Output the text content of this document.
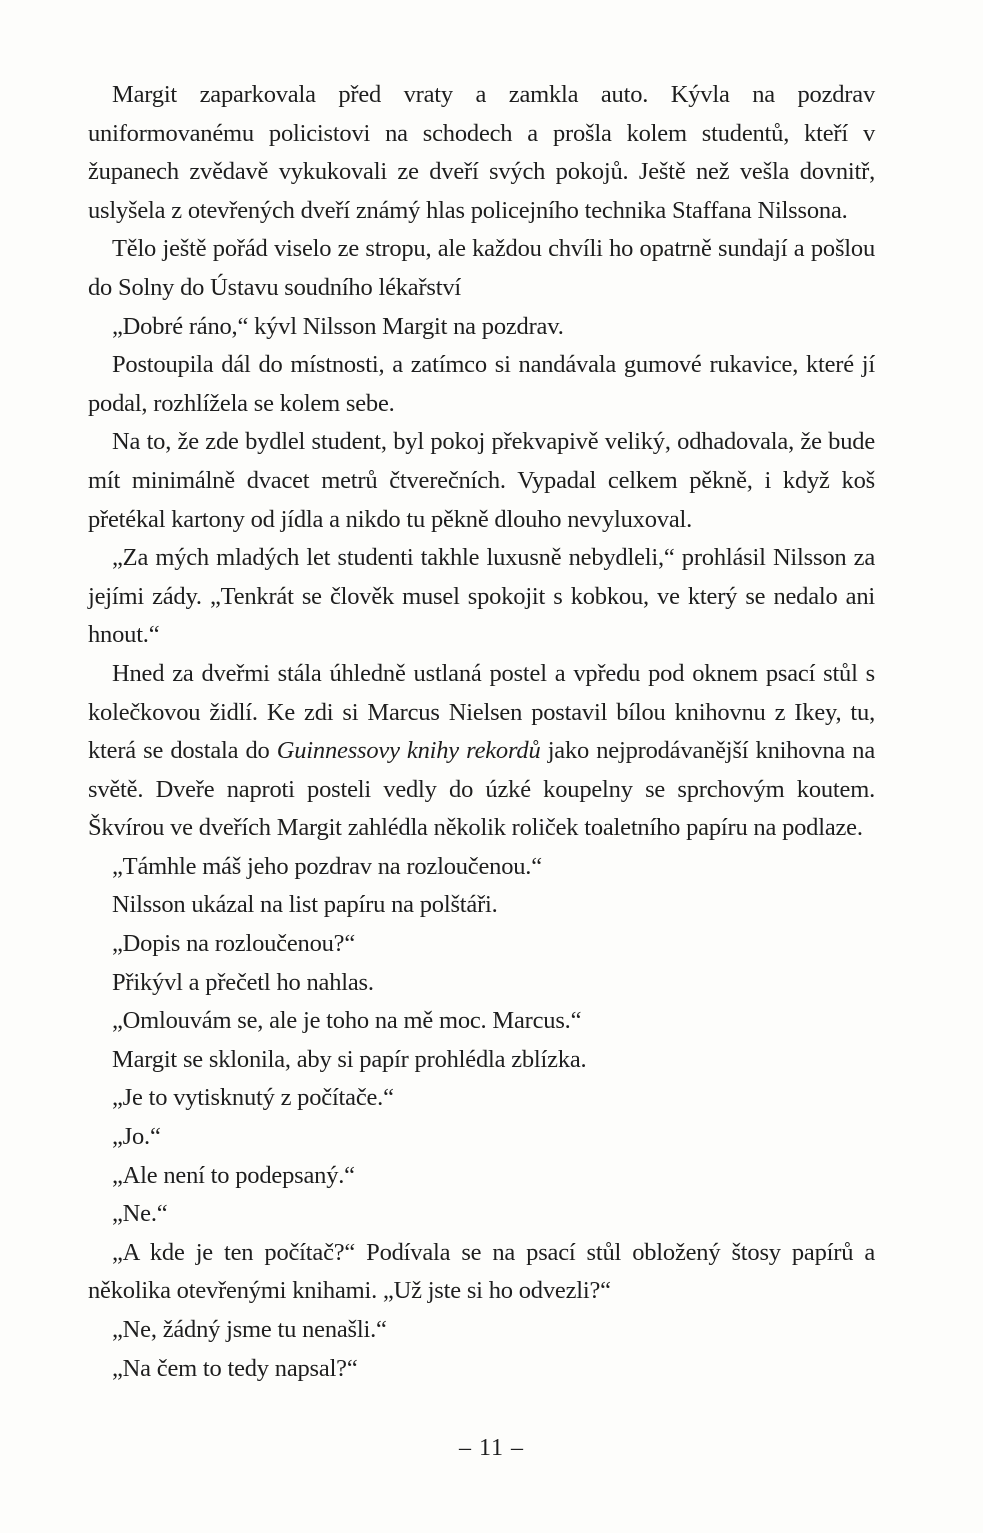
Margit zaparkovala před vraty a zamkla auto. Kývla na pozdrav uniformovanému policistovi na schodech a prošla kolem studentů, kteří v županech zvědavě vykukovali ze dveří svých pokojů. Ještě než vešla dovnitř, uslyšela z otevřených dveří známý hlas policejního technika Staffana Nilssona.

Tělo ještě pořád viselo ze stropu, ale každou chvíli ho opatrně sundají a pošlou do Solny do Ústavu soudního lékařství

„Dobré ráno,“ kývl Nilsson Margit na pozdrav.

Postoupila dál do místnosti, a zatímco si nandávala gumové rukavice, které jí podal, rozhlížela se kolem sebe.

Na to, že zde bydlel student, byl pokoj překvapivě veliký, odhadovala, že bude mít minimálně dvacet metrů čtverečních. Vypadal celkem pěkně, i když koš přetékal kartony od jídla a nikdo tu pěkně dlouho nevyluxoval.

„Za mých mladých let studenti takhle luxusně nebydleli,“ prohlásil Nilsson za jejími zády. „Tenkrát se člověk musel spokojit s kobkou, ve který se nedalo ani hnout.“

Hned za dveřmi stála úhledně ustlaná postel a vpředu pod oknem psací stůl s kolečkovou židlí. Ke zdi si Marcus Nielsen postavil bílou knihovnu z Ikey, tu, která se dostala do Guinnessovy knihy rekordů jako nejprodávanější knihovna na světě. Dveře naproti posteli vedly do úzké koupelny se sprchovým koutem. Škvírou ve dveřích Margit zahlédla několik roliček toaletního papíru na podlaze.

„Támhle máš jeho pozdrav na rozloučenou.“

Nilsson ukázal na list papíru na polštáři.

„Dopis na rozloučenou?“

Přikývl a přečetl ho nahlas.

„Omlouvám se, ale je toho na mě moc. Marcus.“

Margit se sklonila, aby si papír prohlédla zblízka.

„Je to vytisknutý z počítače.“

„Jo.“

„Ale není to podepsaný.“

„Ne.“

„A kde je ten počítač?“ Podívala se na psací stůl obložený štosy papírů a několika otevřenými knihami. „Už jste si ho odvezli?“

„Ne, žádný jsme tu nenašli.“

„Na čem to tedy napsal?“

– 11 –
